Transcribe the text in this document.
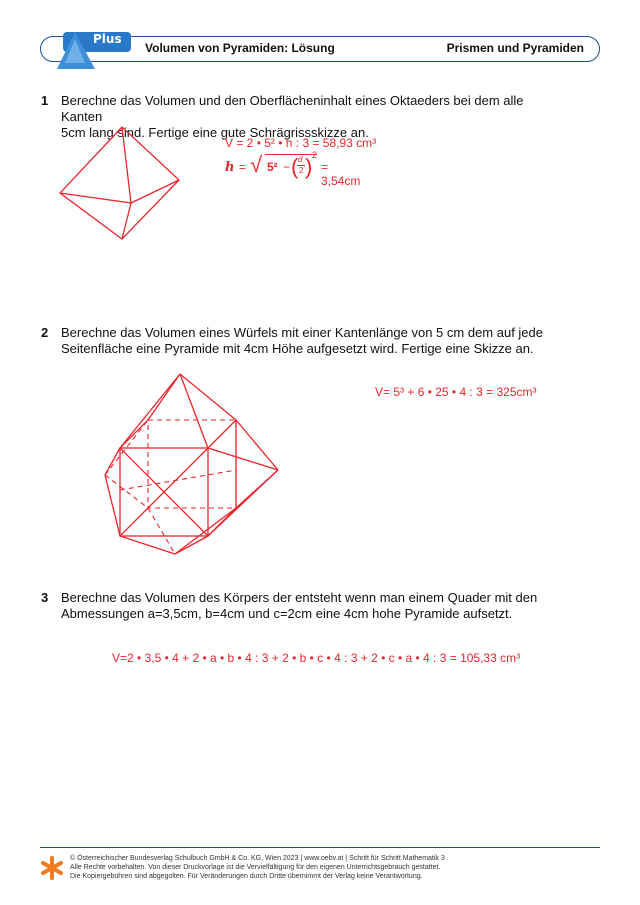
Plus
Volumen von Pyramiden: Lösung	Prismen und Pyramiden
1 Berechne das Volumen und den Oberflächeninhalt eines Oktaeders bei dem alle Kanten
5cm lang sind. Fertige eine gute Schrägrissskizze an.
V = 2 • 5² • h : 3 = 58,93 cm³
h = √ 5² − ( d
2 ) 2
= 3,54cm
2 Berechne das Volumen eines Würfels mit einer Kantenlänge von 5 cm dem auf jede
Seitenfläche eine Pyramide mit 4cm Höhe aufgesetzt wird. Fertige eine Skizze an.
V= 5³ + 6 • 25 • 4 : 3 = 325cm³
3 Berechne das Volumen des Körpers der entsteht wenn man einem Quader mit den
Abmessungen a=3,5cm, b=4cm und c=2cm eine 4cm hohe Pyramide aufsetzt.
V=2 • 3,5 • 4 + 2 • a • b • 4 : 3 + 2 • b • c • 4 : 3 + 2 • c • a • 4 : 3 = 105,33 cm³
© Österreichischer Bundesverlag Schulbuch GmbH & Co. KG, Wien 2023 | www.oebv.at | Schritt für Schritt Mathematik 3
Alle Rechte vorbehalten. Von dieser Druckvorlage ist die Vervielfältigung für den eigenen Unterrichtsgebrauch gestattet.
Die Kopiergebühren sind abgegolten. Für Veränderungen durch Dritte übernimmt der Verlag keine Verantwortung.
